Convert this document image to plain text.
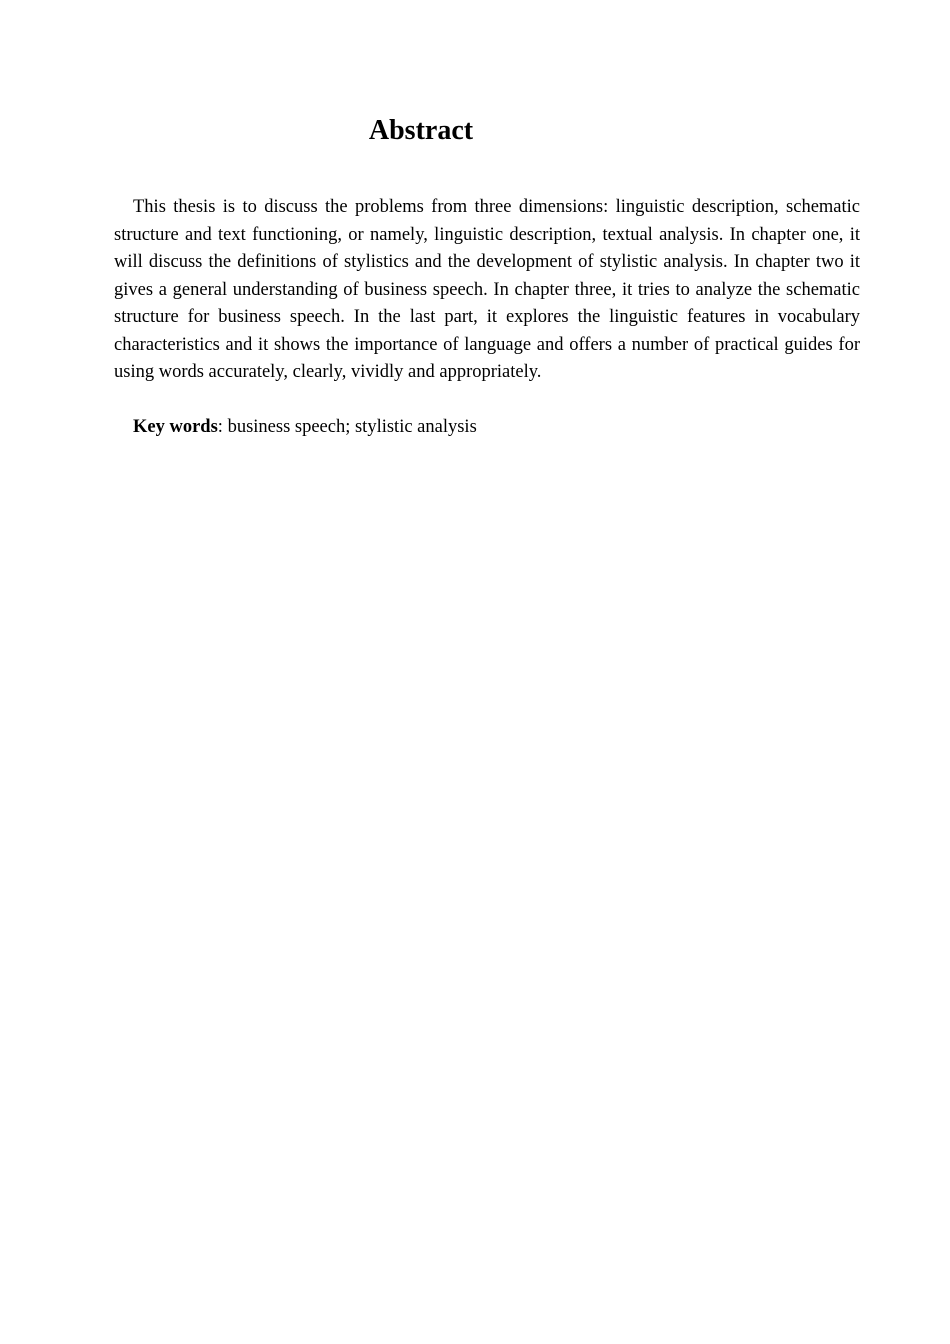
Abstract

This thesis is to discuss the problems from three dimensions: linguistic description, schematic structure and text functioning, or namely, linguistic description, textual analysis. In chapter one, it will discuss the definitions of stylistics and the development of stylistic analysis. In chapter two it gives a general understanding of business speech. In chapter three, it tries to analyze the schematic structure for business speech. In the last part, it explores the linguistic features in vocabulary characteristics and it shows the importance of language and offers a number of practical guides for using words accurately, clearly, vividly and appropriately.

Key words: business speech; stylistic analysis
